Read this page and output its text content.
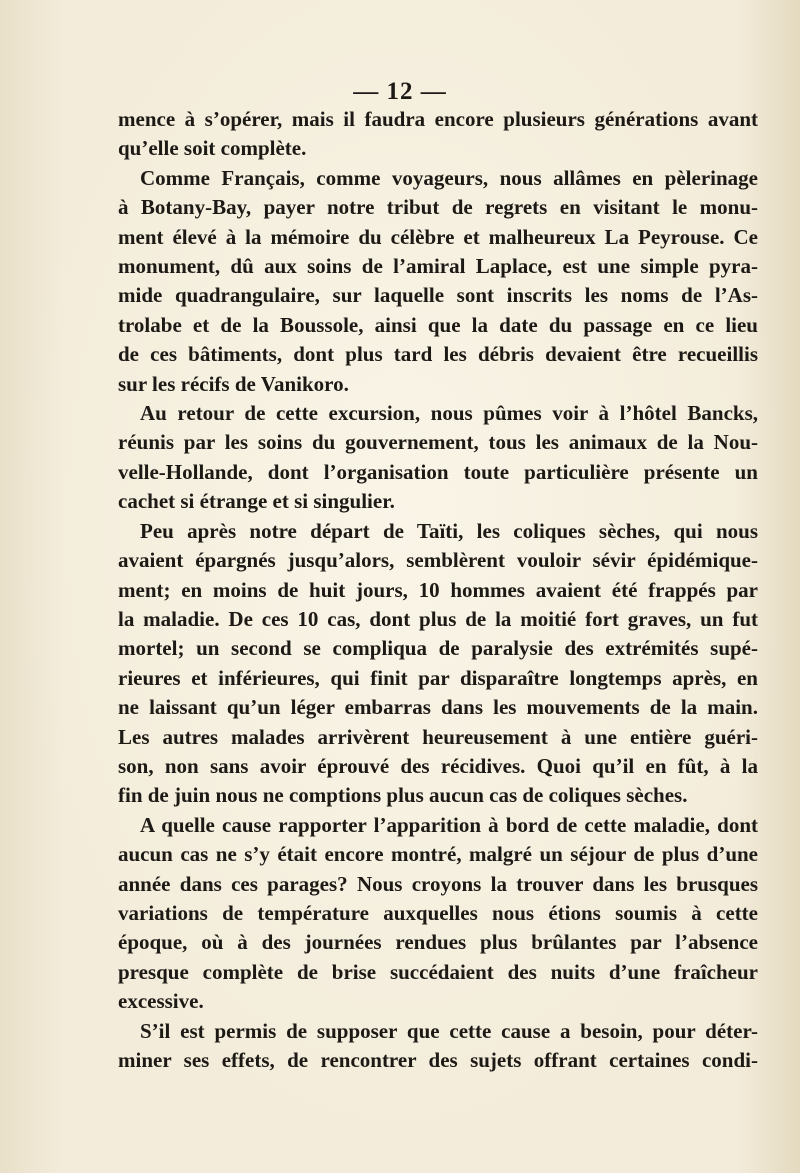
— 12 —

mence à s’opérer, mais il faudra encore plusieurs générations avant

qu’elle soit complète.

Comme Français, comme voyageurs, nous allâmes en pèlerinage

à Botany-Bay, payer notre tribut de regrets en visitant le monu-

ment élevé à la mémoire du célèbre et malheureux La Peyrouse. Ce

monument, dû aux soins de l’amiral Laplace, est une simple pyra-

mide quadrangulaire, sur laquelle sont inscrits les noms de l’As-

trolabe et de la Boussole, ainsi que la date du passage en ce lieu

de ces bâtiments, dont plus tard les débris devaient être recueillis

sur les récifs de Vanikoro.

Au retour de cette excursion, nous pûmes voir à l’hôtel Bancks,

réunis par les soins du gouvernement, tous les animaux de la Nou-

velle-Hollande, dont l’organisation toute particulière présente un

cachet si étrange et si singulier.

Peu après notre départ de Taïti, les coliques sèches, qui nous

avaient épargnés jusqu’alors, semblèrent vouloir sévir épidémique-

ment; en moins de huit jours, 10 hommes avaient été frappés par

la maladie. De ces 10 cas, dont plus de la moitié fort graves, un fut

mortel; un second se compliqua de paralysie des extrémités supé-

rieures et inférieures, qui finit par disparaître longtemps après, en

ne laissant qu’un léger embarras dans les mouvements de la main.

Les autres malades arrivèrent heureusement à une entière guéri-

son, non sans avoir éprouvé des récidives. Quoi qu’il en fût, à la

fin de juin nous ne comptions plus aucun cas de coliques sèches.

A quelle cause rapporter l’apparition à bord de cette maladie, dont

aucun cas ne s’y était encore montré, malgré un séjour de plus d’une

année dans ces parages? Nous croyons la trouver dans les brusques

variations de température auxquelles nous étions soumis à cette

époque, où à des journées rendues plus brûlantes par l’absence

presque complète de brise succédaient des nuits d’une fraîcheur

excessive.

S’il est permis de supposer que cette cause a besoin, pour déter-

miner ses effets, de rencontrer des sujets offrant certaines condi-
